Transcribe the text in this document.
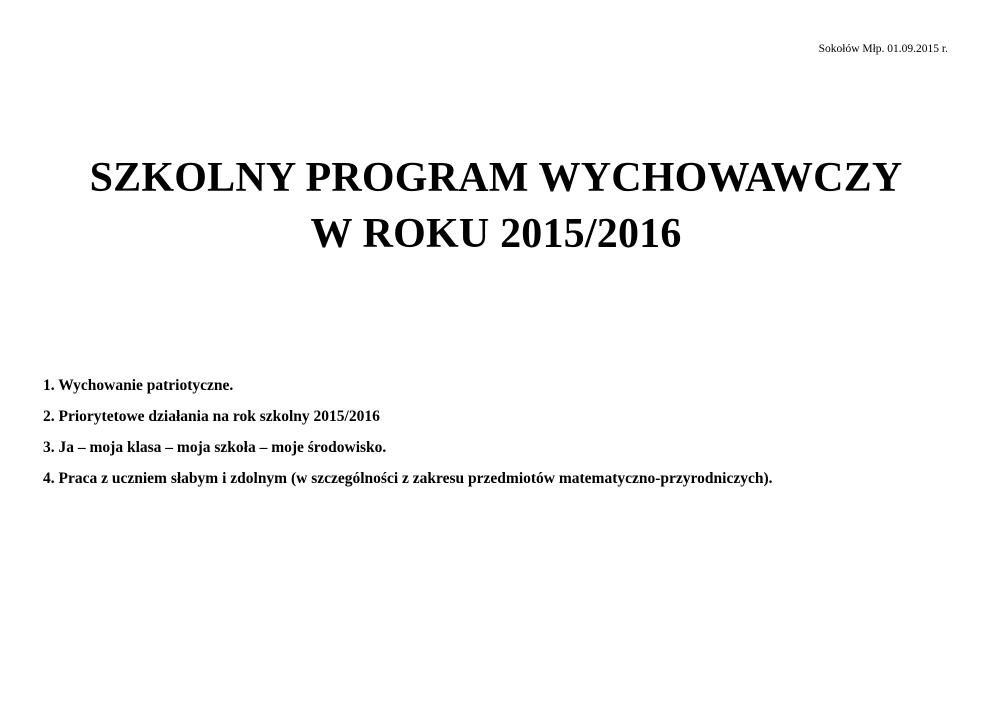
Sokołów Młp. 01.09.2015 r.
SZKOLNY PROGRAM WYCHOWAWCZY
W ROKU 2015/2016
1. Wychowanie patriotyczne.
2. Priorytetowe działania na rok szkolny 2015/2016
3. Ja – moja klasa – moja szkoła – moje środowisko.
4. Praca z uczniem słabym i zdolnym (w szczególności z zakresu przedmiotów matematyczno-przyrodniczych).
